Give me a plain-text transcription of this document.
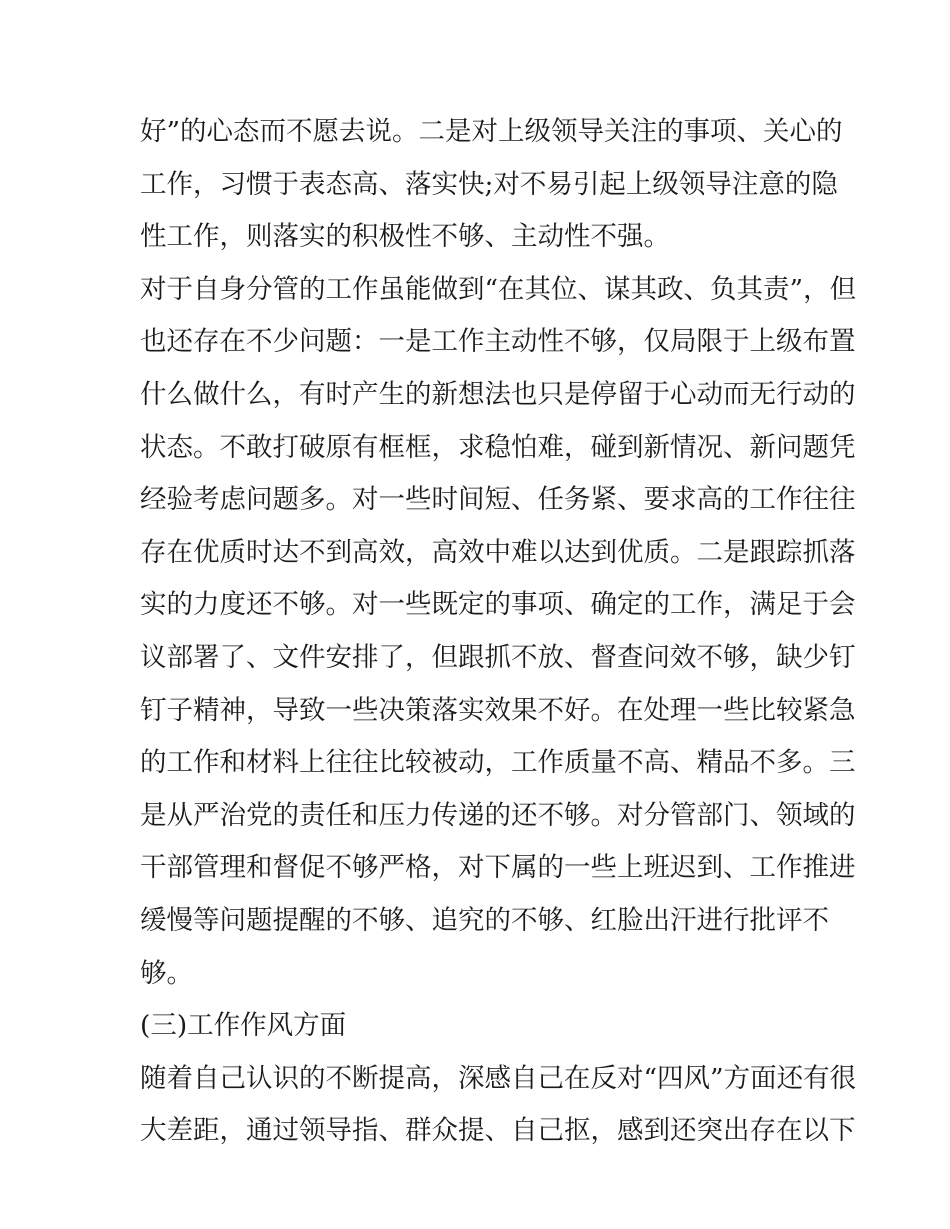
好”的心态而不愿去说。二是对上级领导关注的事项、关心的
工作，习惯于表态高、落实快;对不易引起上级领导注意的隐
性工作，则落实的积极性不够、主动性不强。
对于自身分管的工作虽能做到“在其位、谋其政、负其责”，但
也还存在不少问题：一是工作主动性不够，仅局限于上级布置
什么做什么，有时产生的新想法也只是停留于心动而无行动的
状态。不敢打破原有框框，求稳怕难，碰到新情况、新问题凭
经验考虑问题多。对一些时间短、任务紧、要求高的工作往往
存在优质时达不到高效，高效中难以达到优质。二是跟踪抓落
实的力度还不够。对一些既定的事项、确定的工作，满足于会
议部署了、文件安排了，但跟抓不放、督查问效不够，缺少钉
钉子精神，导致一些决策落实效果不好。在处理一些比较紧急
的工作和材料上往往比较被动，工作质量不高、精品不多。三
是从严治党的责任和压力传递的还不够。对分管部门、领域的
干部管理和督促不够严格，对下属的一些上班迟到、工作推进
缓慢等问题提醒的不够、追究的不够、红脸出汗进行批评不
够。
(三)工作作风方面
随着自己认识的不断提高，深感自己在反对“四风”方面还有很
大差距，通过领导指、群众提、自己抠，感到还突出存在以下
